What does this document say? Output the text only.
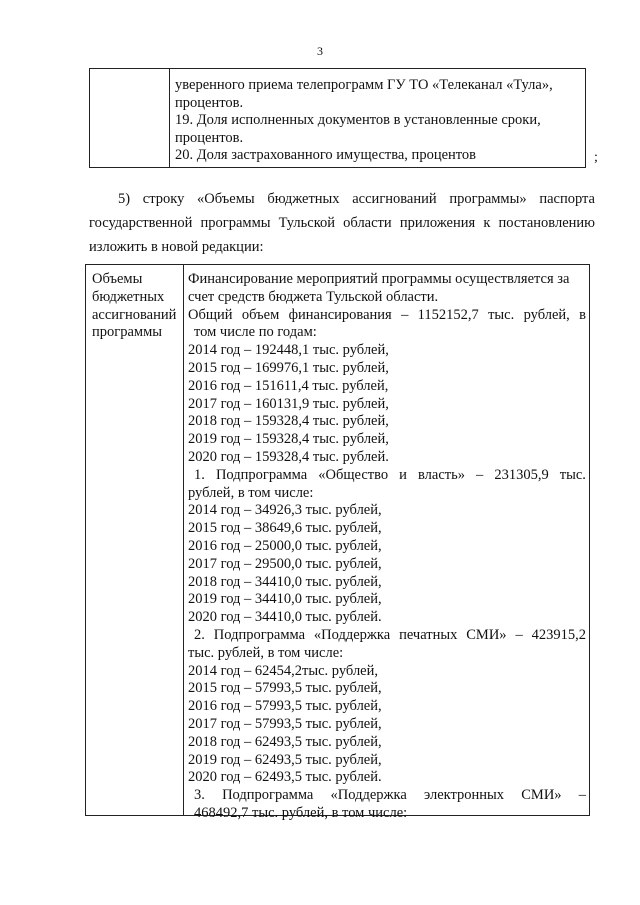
3
уверенного приема телепрограмм ГУ ТО «Телеканал «Тула»,
процентов.
19. Доля исполненных документов в установленные сроки,
процентов.
20. Доля застрахованного имущества, процентов	;
5) строку «Объемы бюджетных ассигнований программы» паспорта
государственной программы Тульской области приложения к постановлению
изложить в новой редакции:
Объемы
бюджетных
ассигнований
программы
Финансирование мероприятий программы осуществляется за
счет средств бюджета Тульской области.
Общий объем финансирования – 1152152,7 тыс. рублей, в
том числе по годам:
2014 год – 192448,1 тыс. рублей,
2015 год – 169976,1 тыс. рублей,
2016 год – 151611,4 тыс. рублей,
2017 год – 160131,9 тыс. рублей,
2018 год – 159328,4 тыс. рублей,
2019 год – 159328,4 тыс. рублей,
2020 год – 159328,4 тыс. рублей.
1. Подпрограмма «Общество и власть» – 231305,9 тыс.
рублей, в том числе:
2014 год – 34926,3 тыс. рублей,
2015 год – 38649,6 тыс. рублей,
2016 год – 25000,0 тыс. рублей,
2017 год – 29500,0 тыс. рублей,
2018 год – 34410,0 тыс. рублей,
2019 год – 34410,0 тыс. рублей,
2020 год – 34410,0 тыс. рублей.
2. Подпрограмма «Поддержка печатных СМИ» – 423915,2
тыс. рублей, в том числе:
2014 год – 62454,2тыс. рублей,
2015 год – 57993,5 тыс. рублей,
2016 год – 57993,5 тыс. рублей,
2017 год – 57993,5 тыс. рублей,
2018 год – 62493,5 тыс. рублей,
2019 год – 62493,5 тыс. рублей,
2020 год – 62493,5 тыс. рублей.
3. Подпрограмма «Поддержка электронных СМИ» –
468492,7 тыс. рублей, в том числе:
